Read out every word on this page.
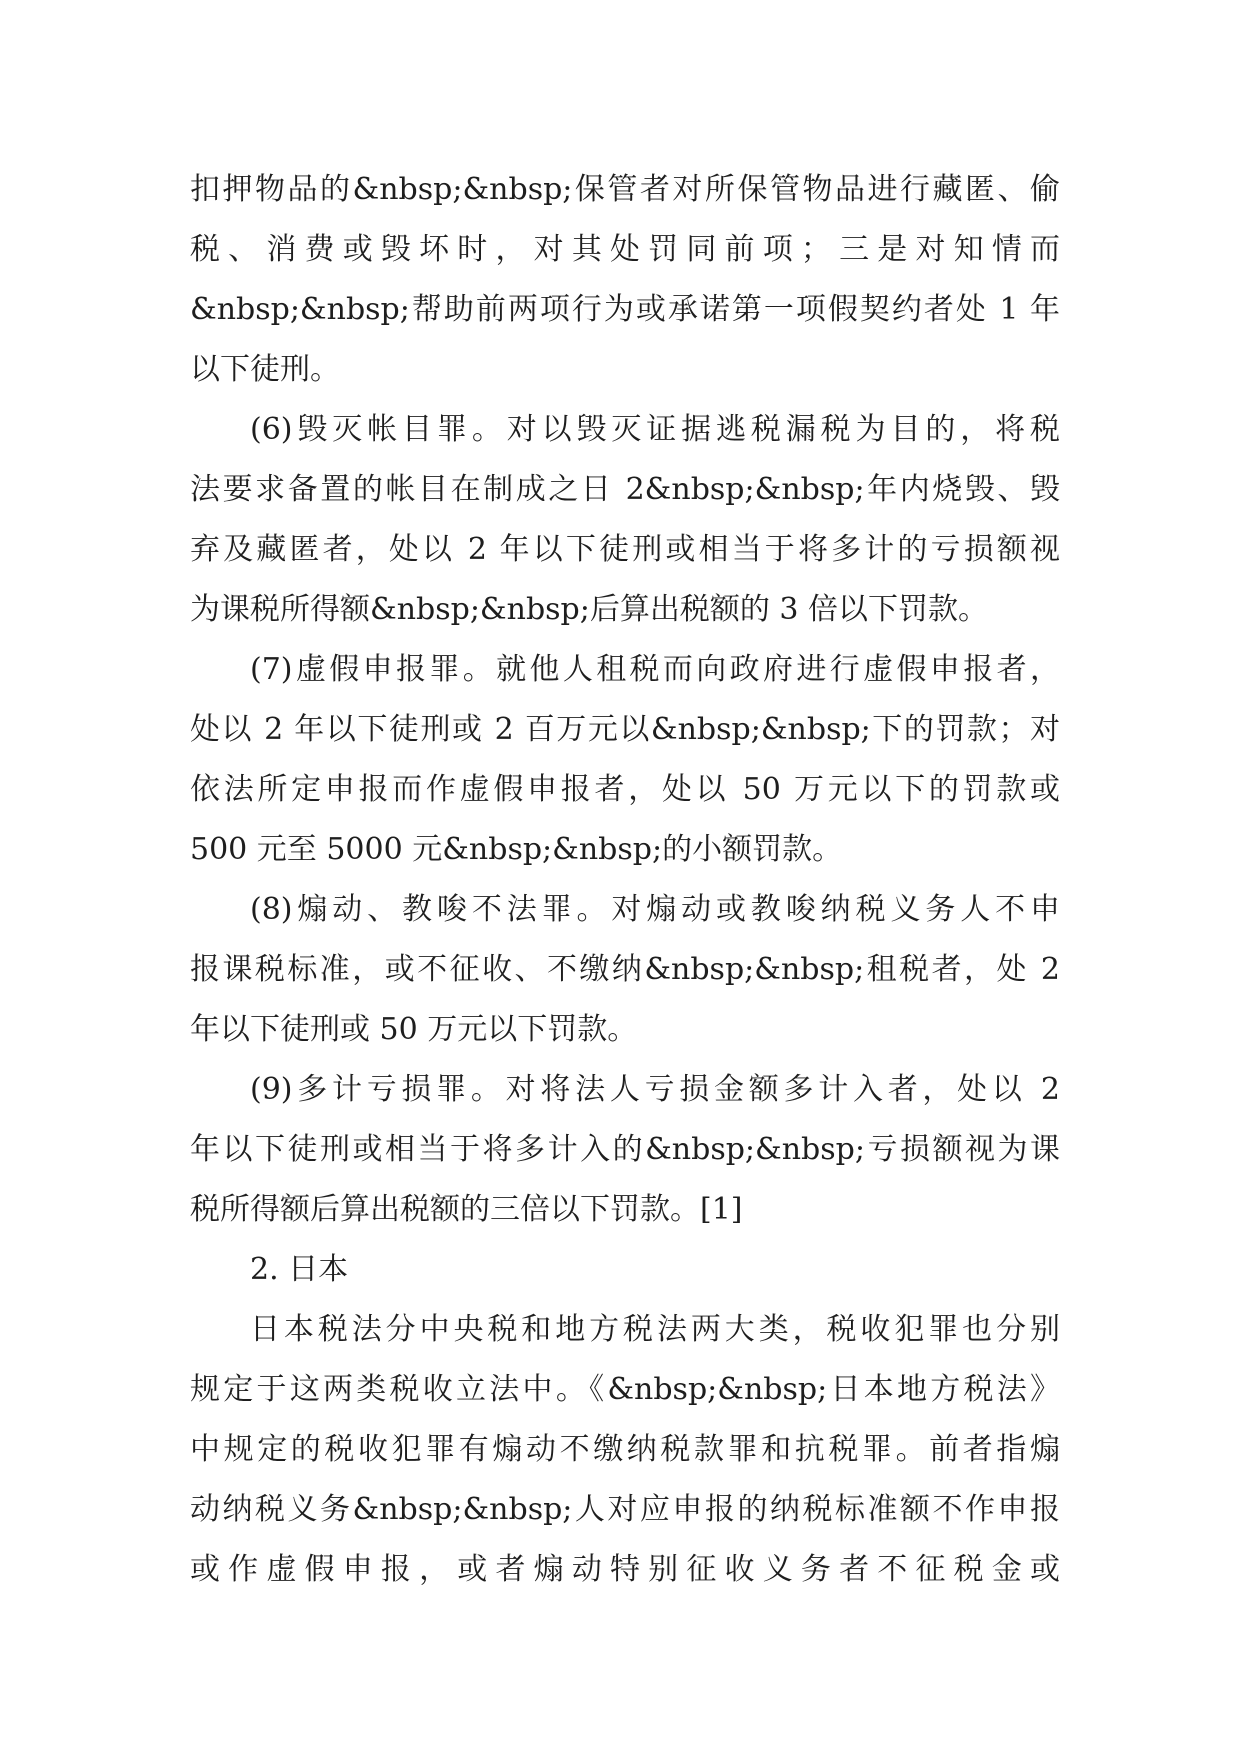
扣押物品的&nbsp;&nbsp;保管者对所保管物品进行藏匿、偷
税、消费或毁坏时，对其处罚同前项；三是对知情而
&nbsp;&nbsp;帮助前两项行为或承诺第一项假契约者处 1 年
以下徒刑。
(6)毁灭帐目罪。对以毁灭证据逃税漏税为目的，将税
法要求备置的帐目在制成之日 2&nbsp;&nbsp;年内烧毁、毁
弃及藏匿者，处以 2 年以下徒刑或相当于将多计的亏损额视
为课税所得额&nbsp;&nbsp;后算出税额的 3 倍以下罚款。
(7)虚假申报罪。就他人租税而向政府进行虚假申报者，
处以 2 年以下徒刑或 2 百万元以&nbsp;&nbsp;下的罚款；对
依法所定申报而作虚假申报者，处以 50 万元以下的罚款或
500 元至 5000 元&nbsp;&nbsp;的小额罚款。
(8)煽动、教唆不法罪。对煽动或教唆纳税义务人不申
报课税标准，或不征收、不缴纳&nbsp;&nbsp;租税者，处 2
年以下徒刑或 50 万元以下罚款。
(9)多计亏损罪。对将法人亏损金额多计入者，处以 2
年以下徒刑或相当于将多计入的&nbsp;&nbsp;亏损额视为课
税所得额后算出税额的三倍以下罚款。[1]
2. 日本
日本税法分中央税和地方税法两大类，税收犯罪也分别
规定于这两类税收立法中。《&nbsp;&nbsp;日本地方税法》
中规定的税收犯罪有煽动不缴纳税款罪和抗税罪。前者指煽
动纳税义务&nbsp;&nbsp;人对应申报的纳税标准额不作申报
或作虚假申报，或者煽动特别征收义务者不征税金或
